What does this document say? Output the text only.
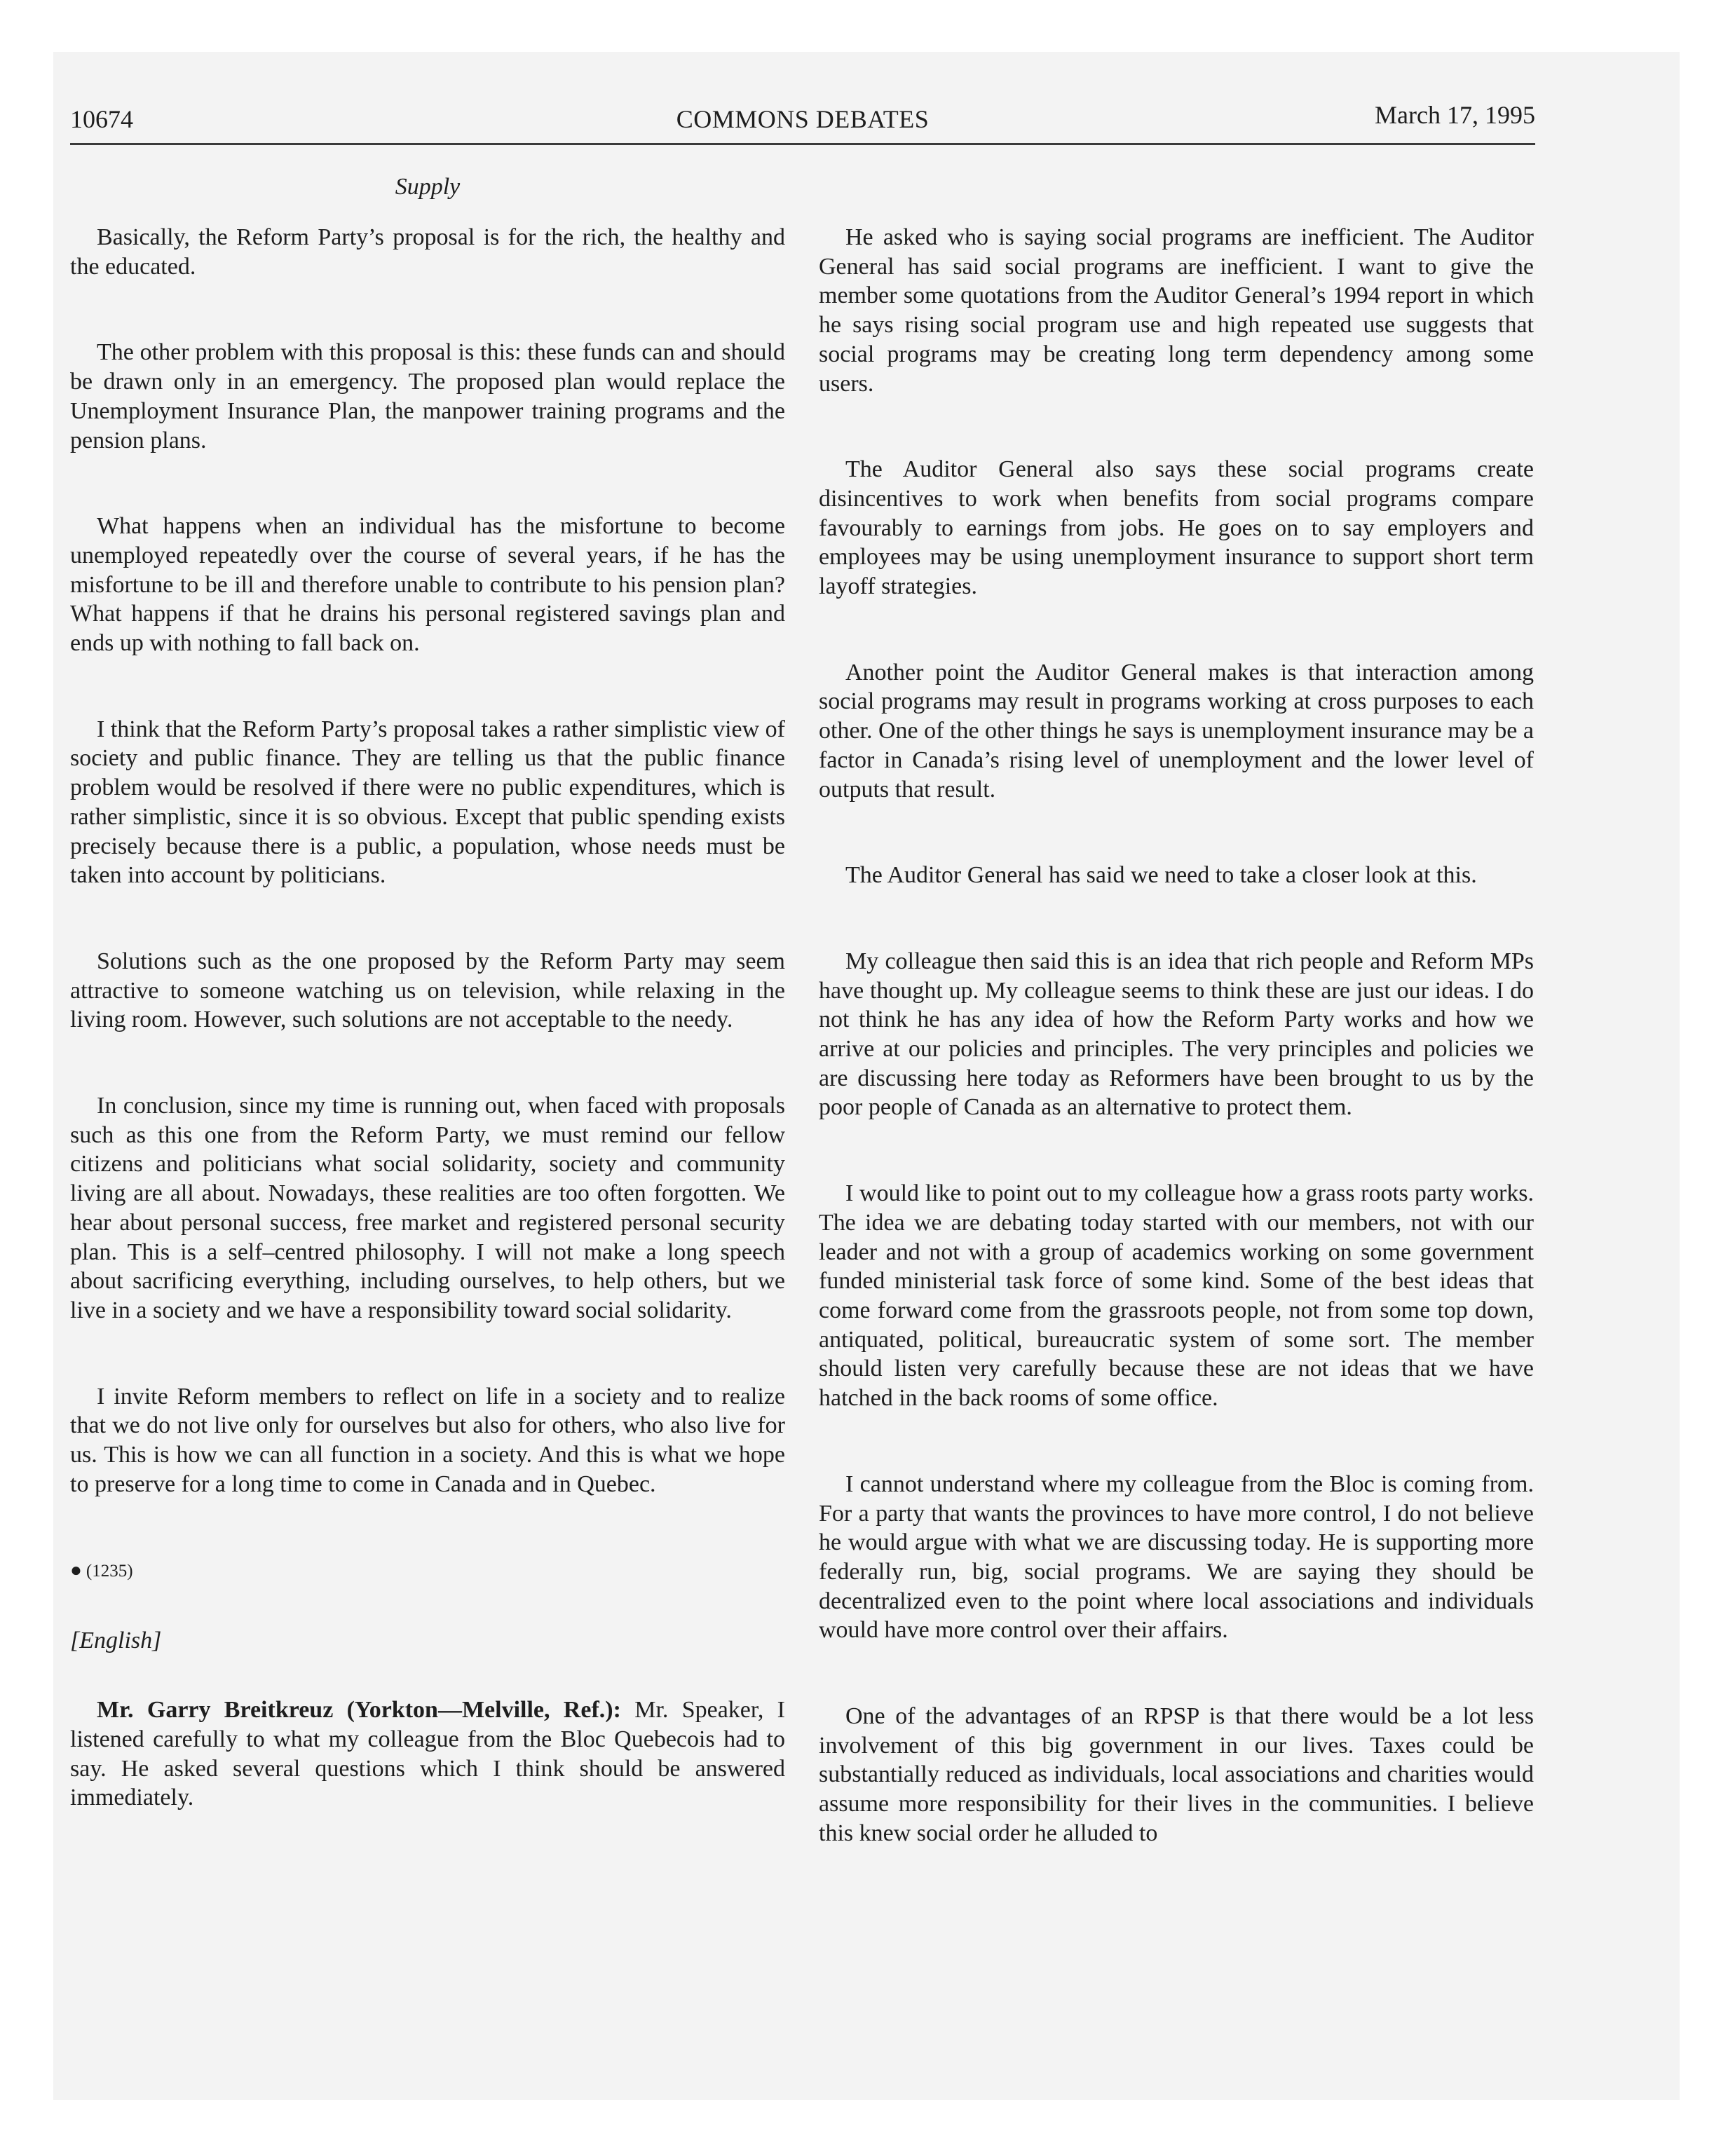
10674	COMMONS DEBATES	March 17, 1995
Supply

Basically, the Reform Party’s proposal is for the rich, the healthy and the educated.

The other problem with this proposal is this: these funds can and should be drawn only in an emergency. The proposed plan would replace the Unemployment Insurance Plan, the manpower training programs and the pension plans.

What happens when an individual has the misfortune to become unemployed repeatedly over the course of several years, if he has the misfortune to be ill and therefore unable to contribute to his pension plan? What happens if that he drains his personal registered savings plan and ends up with nothing to fall back on.

I think that the Reform Party’s proposal takes a rather simplistic view of society and public finance. They are telling us that the public finance problem would be resolved if there were no public expenditures, which is rather simplistic, since it is so obvious. Except that public spending exists precisely because there is a public, a population, whose needs must be taken into account by politicians.

Solutions such as the one proposed by the Reform Party may seem attractive to someone watching us on television, while relaxing in the living room. However, such solutions are not acceptable to the needy.

In conclusion, since my time is running out, when faced with proposals such as this one from the Reform Party, we must remind our fellow citizens and politicians what social solidarity, society and community living are all about. Nowadays, these realities are too often forgotten. We hear about personal success, free market and registered personal security plan. This is a self–centred philosophy. I will not make a long speech about sacrificing everything, including ourselves, to help others, but we live in a society and we have a responsibility toward social solidarity.

I invite Reform members to reflect on life in a society and to realize that we do not live only for ourselves but also for others, who also live for us. This is how we can all function in a society. And this is what we hope to preserve for a long time to come in Canada and in Quebec.

● (1235)
[English]

Mr. Garry Breitkreuz (Yorkton—Melville, Ref.): Mr. Speaker, I listened carefully to what my colleague from the Bloc Quebecois had to say. He asked several questions which I think should be answered immediately.

He asked who is saying social programs are inefficient. The Auditor General has said social programs are inefficient. I want to give the member some quotations from the Auditor General’s 1994 report in which he says rising social program use and high repeated use suggests that social programs may be creating long term dependency among some users.

The Auditor General also says these social programs create disincentives to work when benefits from social programs compare favourably to earnings from jobs. He goes on to say employers and employees may be using unemployment insurance to support short term layoff strategies.

Another point the Auditor General makes is that interaction among social programs may result in programs working at cross purposes to each other. One of the other things he says is unemployment insurance may be a factor in Canada’s rising level of unemployment and the lower level of outputs that result.

The Auditor General has said we need to take a closer look at this.

My colleague then said this is an idea that rich people and Reform MPs have thought up. My colleague seems to think these are just our ideas. I do not think he has any idea of how the Reform Party works and how we arrive at our policies and principles. The very principles and policies we are discussing here today as Reformers have been brought to us by the poor people of Canada as an alternative to protect them.

I would like to point out to my colleague how a grass roots party works. The idea we are debating today started with our members, not with our leader and not with a group of academics working on some government funded ministerial task force of some kind. Some of the best ideas that come forward come from the grassroots people, not from some top down, antiquated, political, bureaucratic system of some sort. The member should listen very carefully because these are not ideas that we have hatched in the back rooms of some office.

I cannot understand where my colleague from the Bloc is coming from. For a party that wants the provinces to have more control, I do not believe he would argue with what we are discussing today. He is supporting more federally run, big, social programs. We are saying they should be decentralized even to the point where local associations and individuals would have more control over their affairs.

One of the advantages of an RPSP is that there would be a lot less involvement of this big government in our lives. Taxes could be substantially reduced as individuals, local associations and charities would assume more responsibility for their lives in the communities. I believe this knew social order he alluded to
